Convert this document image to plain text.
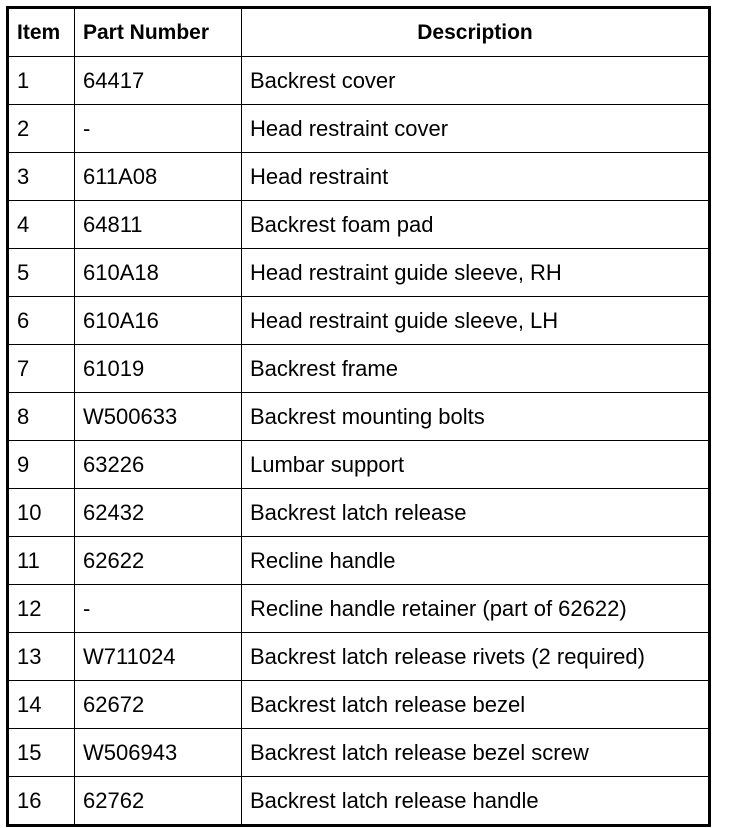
Item	Part Number	Description
1	64417	Backrest cover
2	-	Head restraint cover
3	611A08	Head restraint
4	64811	Backrest foam pad
5	610A18	Head restraint guide sleeve, RH
6	610A16	Head restraint guide sleeve, LH
7	61019	Backrest frame
8	W500633	Backrest mounting bolts
9	63226	Lumbar support
10	62432	Backrest latch release
11	62622	Recline handle
12	-	Recline handle retainer (part of 62622)
13	W711024	Backrest latch release rivets (2 required)
14	62672	Backrest latch release bezel
15	W506943	Backrest latch release bezel screw
16	62762	Backrest latch release handle
